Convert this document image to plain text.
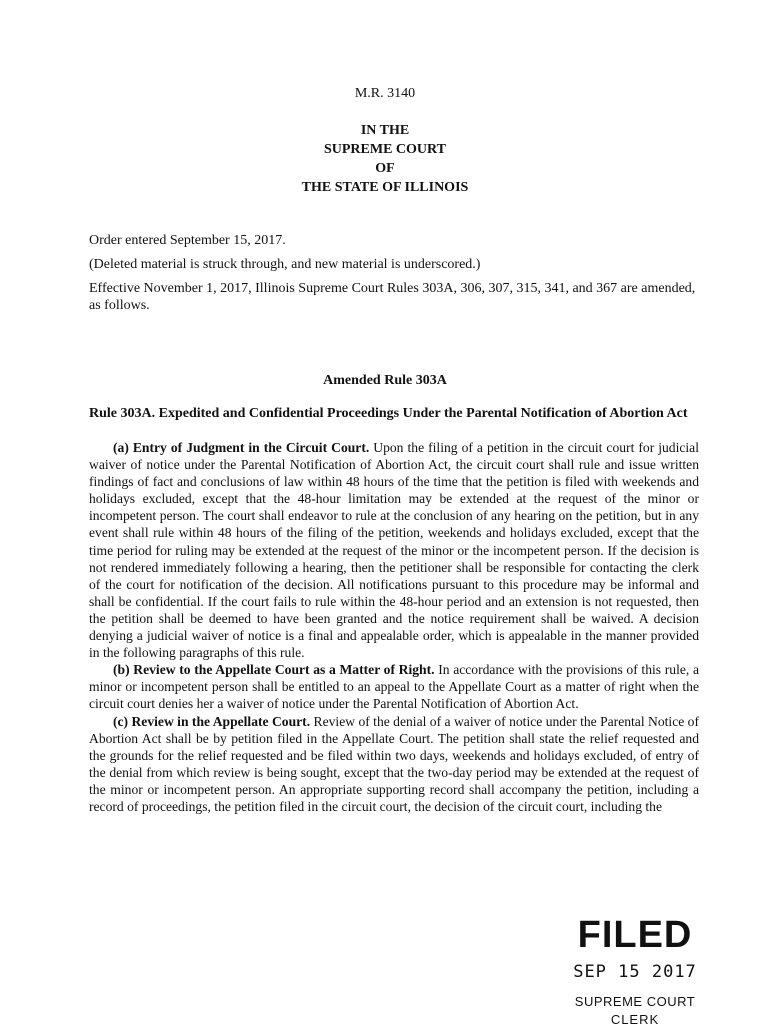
M.R. 3140
IN THE
SUPREME COURT
OF
THE STATE OF ILLINOIS
Order entered September 15, 2017.
(Deleted material is struck through, and new material is underscored.)
Effective November 1, 2017, Illinois Supreme Court Rules 303A, 306, 307, 315, 341, and 367 are amended, as follows.
Amended Rule 303A
Rule 303A. Expedited and Confidential Proceedings Under the Parental Notification of Abortion Act

(a) Entry of Judgment in the Circuit Court. Upon the filing of a petition in the circuit court for judicial waiver of notice under the Parental Notification of Abortion Act, the circuit court shall rule and issue written findings of fact and conclusions of law within 48 hours of the time that the petition is filed with weekends and holidays excluded, except that the 48-hour limitation may be extended at the request of the minor or incompetent person. The court shall endeavor to rule at the conclusion of any hearing on the petition, but in any event shall rule within 48 hours of the filing of the petition, weekends and holidays excluded, except that the time period for ruling may be extended at the request of the minor or the incompetent person. If the decision is not rendered immediately following a hearing, then the petitioner shall be responsible for contacting the clerk of the court for notification of the decision. All notifications pursuant to this procedure may be informal and shall be confidential. If the court fails to rule within the 48-hour period and an extension is not requested, then the petition shall be deemed to have been granted and the notice requirement shall be waived. A decision denying a judicial waiver of notice is a final and appealable order, which is appealable in the manner provided in the following paragraphs of this rule.

(b) Review to the Appellate Court as a Matter of Right. In accordance with the provisions of this rule, a minor or incompetent person shall be entitled to an appeal to the Appellate Court as a matter of right when the circuit court denies her a waiver of notice under the Parental Notification of Abortion Act.

(c) Review in the Appellate Court. Review of the denial of a waiver of notice under the Parental Notice of Abortion Act shall be by petition filed in the Appellate Court. The petition shall state the relief requested and the grounds for the relief requested and be filed within two days, weekends and holidays excluded, of entry of the denial from which review is being sought, except that the two-day period may be extended at the request of the minor or incompetent person. An appropriate supporting record shall accompany the petition, including a record of proceedings, the petition filed in the circuit court, the decision of the circuit court, including the

FILED
SEP 15 2017
SUPREME COURT
CLERK
